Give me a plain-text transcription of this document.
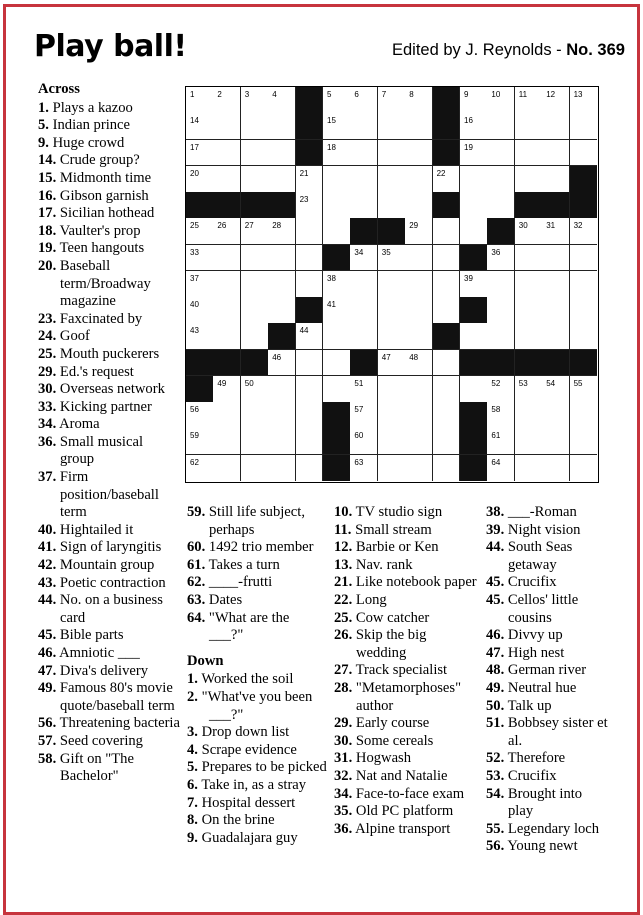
Play ball!	Edited by J. Reynolds - No. 369
1	2	3	4	5	6	7	8	9	10 11 12 13
14	15	16
17	18	19
20	21	22
23
25 26 27 28	29	30 31 32
33	34 35	36
37	38	39
40	41
43	44
46	47 48
49 50	51	52 53 54 55
56	57	58
59	60	61
62	63	64
Across
1. Plays a kazoo
5. Indian prince
9. Huge crowd
14. Crude group?
15. Midmonth time
16. Gibson garnish
17. Sicilian hothead
18. Vaulter's prop
19. Teen hangouts
20. Baseball term/Broadway magazine
23. Faxcinated by
24. Goof
25. Mouth puckerers
29. Ed.'s request
30. Overseas network
33. Kicking partner
34. Aroma
36. Small musical group
37. Firm position/baseball term
40. Hightailed it
41. Sign of laryngitis
42. Mountain group
43. Poetic contraction
44. No. on a business card
45. Bible parts
46. Amniotic ___
47. Diva's delivery
49. Famous 80's movie quote/baseball term
56. Threatening bacteria
57. Seed covering
58. Gift on "The Bachelor"
59. Still life subject, perhaps
60. 1492 trio member
61. Takes a turn
62. ____-frutti
63. Dates
64. "What are the ___?"
Down
1. Worked the soil
2. "What've you been ___?"
3. Drop down list
4. Scrape evidence
5. Prepares to be picked
6. Take in, as a stray
7. Hospital dessert
8. On the brine
9. Guadalajara guy
10. TV studio sign
11. Small stream
12. Barbie or Ken
13. Nav. rank
21. Like notebook paper
22. Long
25. Cow catcher
26. Skip the big wedding
27. Track specialist
28. "Metamorphoses" author
29. Early course
30. Some cereals
31. Hogwash
32. Nat and Natalie
34. Face-to-face exam
35. Old PC platform
36. Alpine transport
38. ___-Roman
39. Night vision
44. South Seas getaway
45. Crucifix
45. Cellos' little cousins
46. Divvy up
47. High nest
48. German river
49. Neutral hue
50. Talk up
51. Bobbsey sister et al.
52. Therefore
53. Crucifix
54. Brought into play
55. Legendary loch
56. Young newt
